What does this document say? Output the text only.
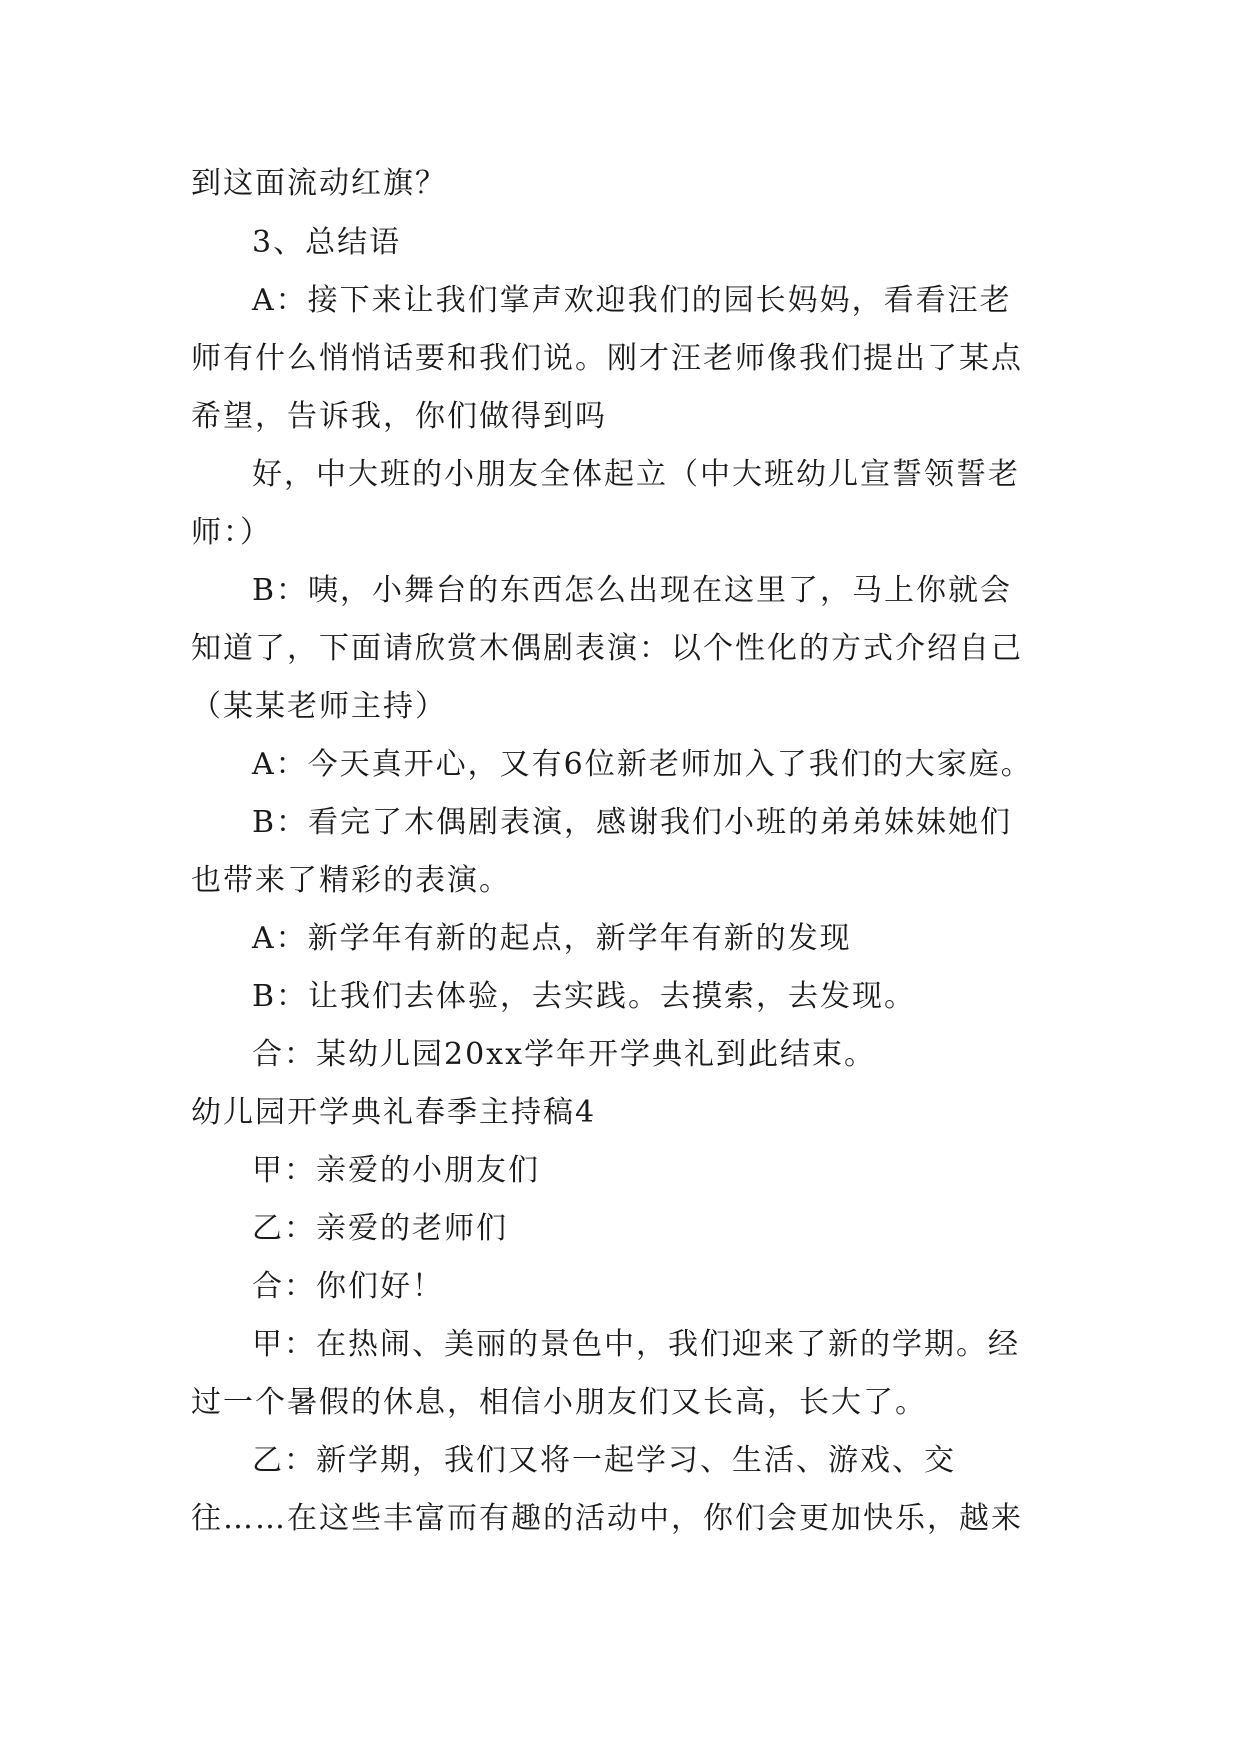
到这面流动红旗？
3、总结语
A：接下来让我们掌声欢迎我们的园长妈妈，看看汪老
师有什么悄悄话要和我们说。刚才汪老师像我们提出了某点
希望，告诉我，你们做得到吗
好，中大班的小朋友全体起立（中大班幼儿宣誓领誓老
师：）
B：咦，小舞台的东西怎么出现在这里了，马上你就会
知道了，下面请欣赏木偶剧表演：以个性化的方式介绍自己
（某某老师主持）
A：今天真开心，又有6位新老师加入了我们的大家庭。
B：看完了木偶剧表演，感谢我们小班的弟弟妹妹她们
也带来了精彩的表演。
A：新学年有新的起点，新学年有新的发现
B：让我们去体验，去实践。去摸索，去发现。
合：某幼儿园20xx学年开学典礼到此结束。
幼儿园开学典礼春季主持稿4
甲：亲爱的小朋友们
乙：亲爱的老师们
合：你们好！
甲：在热闹、美丽的景色中，我们迎来了新的学期。经
过一个暑假的休息，相信小朋友们又长高，长大了。
乙：新学期，我们又将一起学习、生活、游戏、交
往……在这些丰富而有趣的活动中，你们会更加快乐，越来
